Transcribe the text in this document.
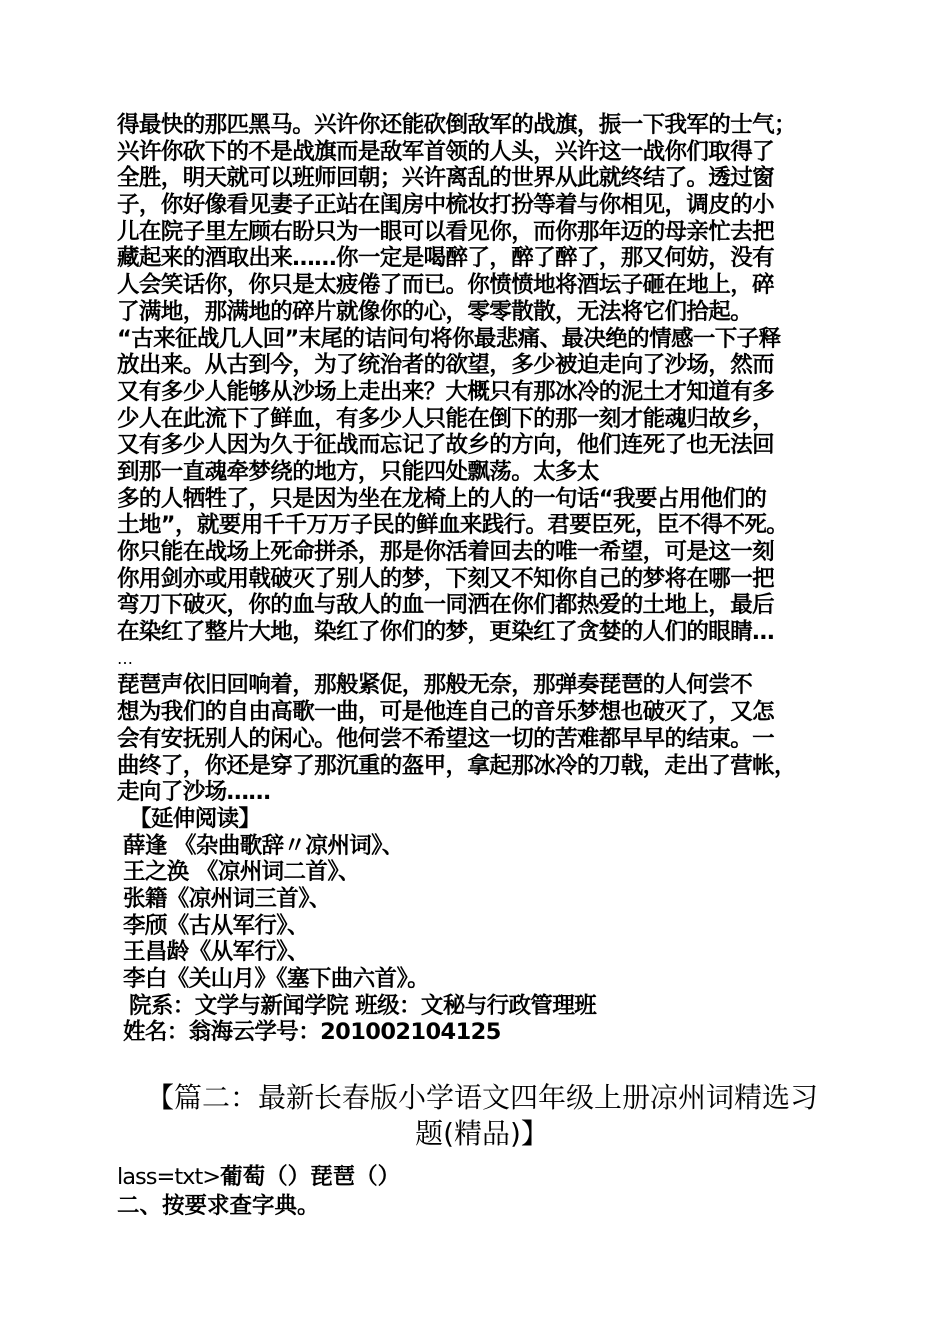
得最快的那匹黑马。兴许你还能砍倒敌军的战旗，振一下我军的士气；
兴许你砍下的不是战旗而是敌军首领的人头，兴许这一战你们取得了
全胜，明天就可以班师回朝；兴许离乱的世界从此就终结了。透过窗
子，你好像看见妻子正站在闺房中梳妆打扮等着与你相见，调皮的小
儿在院子里左顾右盼只为一眼可以看见你，而你那年迈的母亲忙去把
藏起来的酒取出来……你一定是喝醉了，醉了醉了，那又何妨，没有
人会笑话你，你只是太疲倦了而已。你愤愤地将酒坛子砸在地上，碎
了满地，那满地的碎片就像你的心，零零散散，无法将它们拾起。
“古来征战几人回”末尾的诘问句将你最悲痛、最决绝的情感一下子释
放出来。从古到今，为了统治者的欲望，多少被迫走向了沙场，然而
又有多少人能够从沙场上走出来？大概只有那冰冷的泥土才知道有多
少人在此流下了鲜血，有多少人只能在倒下的那一刻才能魂归故乡，
又有多少人因为久于征战而忘记了故乡的方向，他们连死了也无法回
到那一直魂牵梦绕的地方，只能四处飘荡。太多太
多的人牺牲了，只是因为坐在龙椅上的人的一句话“我要占用他们的
土地”，就要用千千万万子民的鲜血来践行。君要臣死，臣不得不死。
你只能在战场上死命拼杀，那是你活着回去的唯一希望，可是这一刻
你用剑亦或用戟破灭了别人的梦，下刻又不知你自己的梦将在哪一把
弯刀下破灭，你的血与敌人的血一同洒在你们都热爱的土地上，最后
在染红了整片大地，染红了你们的梦，更染红了贪婪的人们的眼睛…
…
琵琶声依旧回响着，那般紧促，那般无奈，那弹奏琵琶的人何尝不
想为我们的自由高歌一曲，可是他连自己的音乐梦想也破灭了，又怎
会有安抚别人的闲心。他何尝不希望这一切的苦难都早早的结束。一
曲终了，你还是穿了那沉重的盔甲，拿起那冰冷的刀戟，走出了营帐，
走向了沙场……
【延伸阅读】
薛逢 《杂曲歌辞〃凉州词》、
王之涣 《凉州词二首》、
张籍《凉州词三首》、
李颀《古从军行》、
王昌龄《从军行》、
李白《关山月》《塞下曲六首》。
院系：文学与新闻学院 班级：文秘与行政管理班
姓名：翁海云学号：201002104125
【篇二：最新长春版小学语文四年级上册凉州词精选习
题(精品)】
lass=txt>葡萄（）琵琶（）
二、按要求查字典。
